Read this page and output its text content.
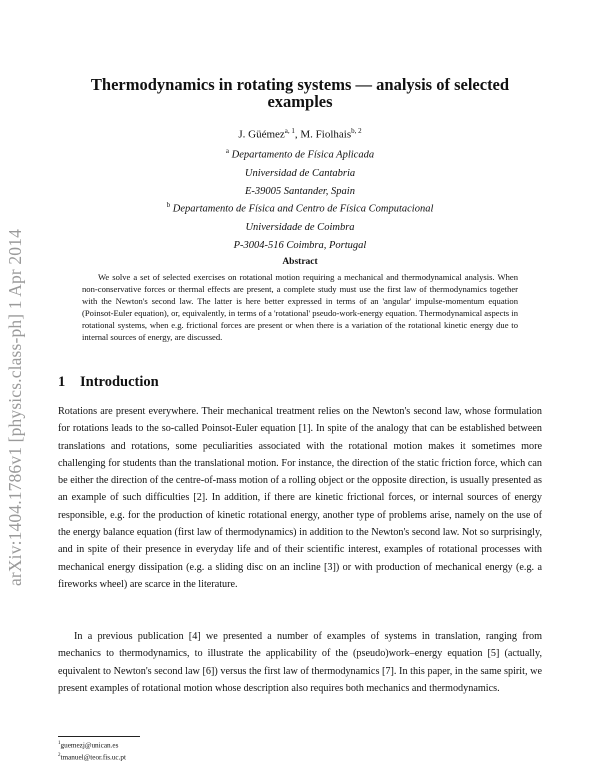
arXiv:1404.1786v1 [physics.class-ph] 1 Apr 2014
Thermodynamics in rotating systems — analysis of selected examples
J. Güémez$^{a, 1}$, M. Fiolhais$^{b, 2}$
$^a$ Departamento de Física Aplicada
Universidad de Cantabria
E-39005 Santander, Spain
$^b$ Departamento de Física and Centro de Física Computacional
Universidade de Coimbra
P-3004-516 Coimbra, Portugal
Abstract
We solve a set of selected exercises on rotational motion requiring a mechanical and thermodynamical analysis. When non-conservative forces or thermal effects are present, a complete study must use the first law of thermodynamics together with the Newton's second law. The latter is here better expressed in terms of an 'angular' impulse-momentum equation (Poinsot-Euler equation), or, equivalently, in terms of a 'rotational' pseudo-work-energy equation. Thermodynamical aspects in rotational systems, when e.g. frictional forces are present or when there is a variation of the rotational kinetic energy due to internal sources of energy, are discussed.
1 Introduction
Rotations are present everywhere. Their mechanical treatment relies on the Newton's second law, whose formulation for rotations leads to the so-called Poinsot-Euler equation [1]. In spite of the analogy that can be established between translations and rotations, some peculiarities associated with the rotational motion makes it sometimes more challenging for students than the translational motion. For instance, the direction of the static friction force, which can be either the direction of the centre-of-mass motion of a rolling object or the opposite direction, is usually presented as an example of such difficulties [2]. In addition, if there are kinetic frictional forces, or internal sources of energy responsible, e.g. for the production of kinetic rotational energy, another type of problems arise, namely on the use of the energy balance equation (first law of thermodynamics) in addition to the Newton's second law. Not so surprisingly, and in spite of their presence in everyday life and of their scientific interest, examples of rotational processes with mechanical energy dissipation (e.g. a sliding disc on an incline [3]) or with production of mechanical energy (e.g. a fireworks wheel) are scarce in the literature.
In a previous publication [4] we presented a number of examples of systems in translation, ranging from mechanics to thermodynamics, to illustrate the applicability of the (pseudo)work–energy equation [5] (actually, equivalent to Newton's second law [6]) versus the first law of thermodynamics [7]. In this paper, in the same spirit, we present examples of rotational motion whose description also requires both mechanics and thermodynamics.
$^1$guemezj@unican.es
$^2$tmanuel@teor.fis.uc.pt
